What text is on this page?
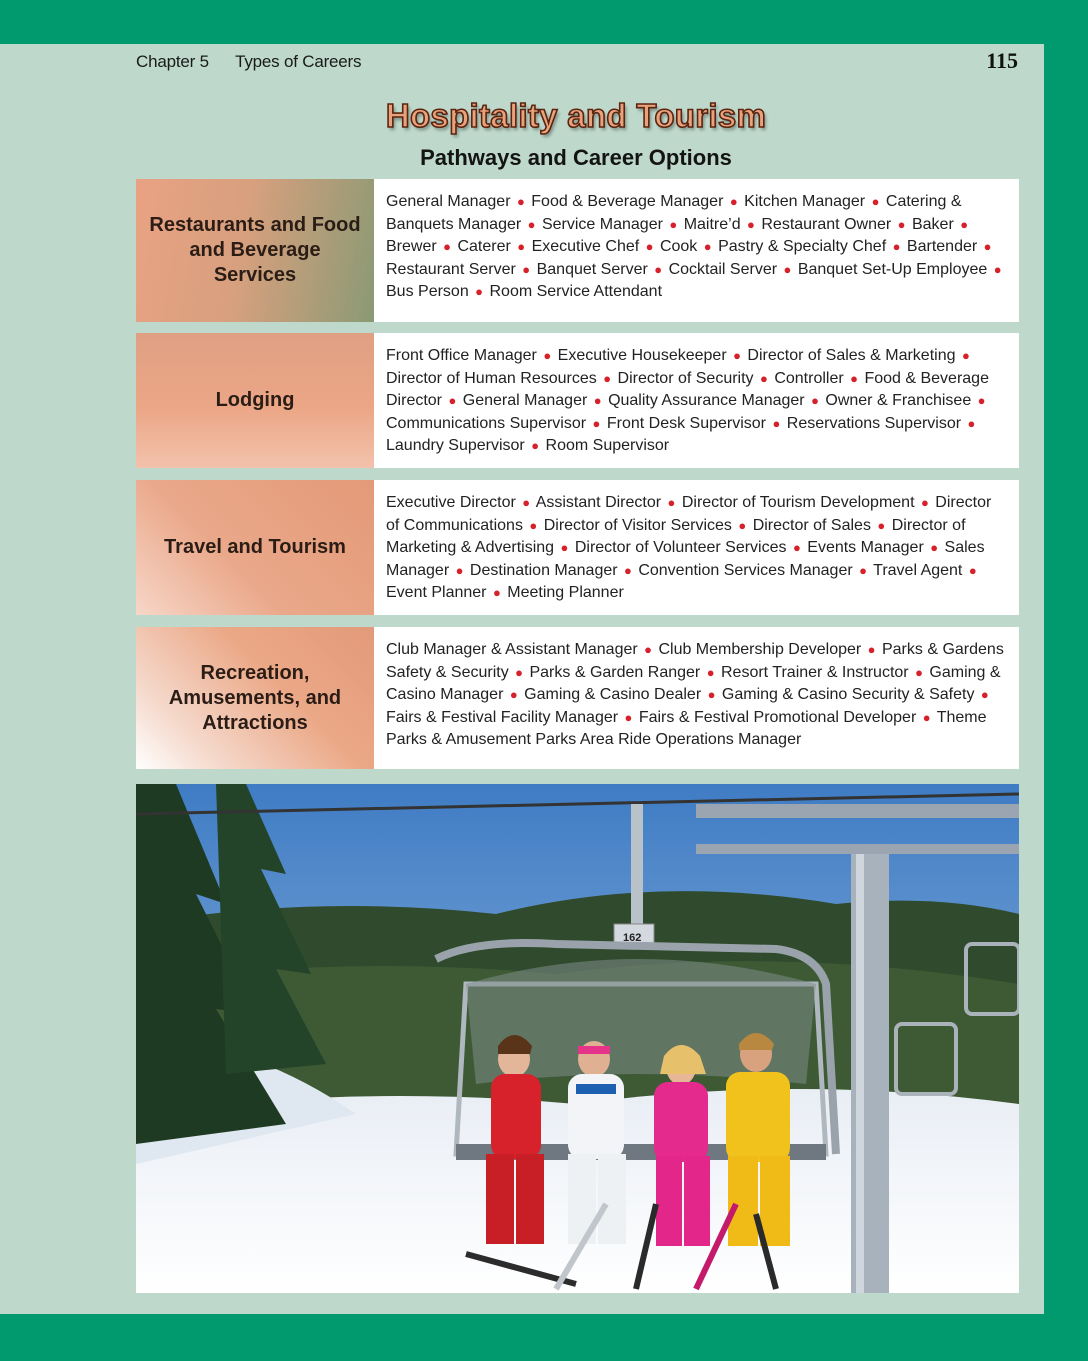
Chapter 5 Types of Careers	115
Hospitality and Tourism
Pathways and Career Options
Restaurants and Food and Beverage Services
General Manager ● Food & Beverage Manager ● Kitchen Manager ● Catering & Banquets Manager ● Service Manager ● Maitre’d ● Restaurant Owner ● Baker ● Brewer ● Caterer ● Executive Chef ● Cook ● Pastry & Specialty Chef ● Bartender ● Restaurant Server ● Banquet Server ● Cocktail Server ● Banquet Set-Up Employee ● Bus Person ● Room Service Attendant
Lodging
Front Office Manager ● Executive Housekeeper ● Director of Sales & Marketing ● Director of Human Resources ● Director of Security ● Controller ● Food & Beverage Director ● General Manager ● Quality Assurance Manager ● Owner & Franchisee ● Communications Supervisor ● Front Desk Supervisor ● Reservations Supervisor ● Laundry Supervisor ● Room Supervisor
Travel and Tourism
Executive Director ● Assistant Director ● Director of Tourism Development ● Director of Communications ● Director of Visitor Services ● Director of Sales ● Director of Marketing & Advertising ● Director of Volunteer Services ● Events Manager ● Sales Manager ● Destination Manager ● Convention Services Manager ● Travel Agent ● Event Planner ● Meeting Planner
Recreation, Amusements, and Attractions
Club Manager & Assistant Manager ● Club Membership Developer ● Parks & Gardens Safety & Security ● Parks & Garden Ranger ● Resort Trainer & Instructor ● Gaming & Casino Manager ● Gaming & Casino Dealer ● Gaming & Casino Security & Safety ● Fairs & Festival Facility Manager ● Fairs & Festival Promotional Developer ● Theme Parks & Amusement Parks Area Ride Operations Manager
162
